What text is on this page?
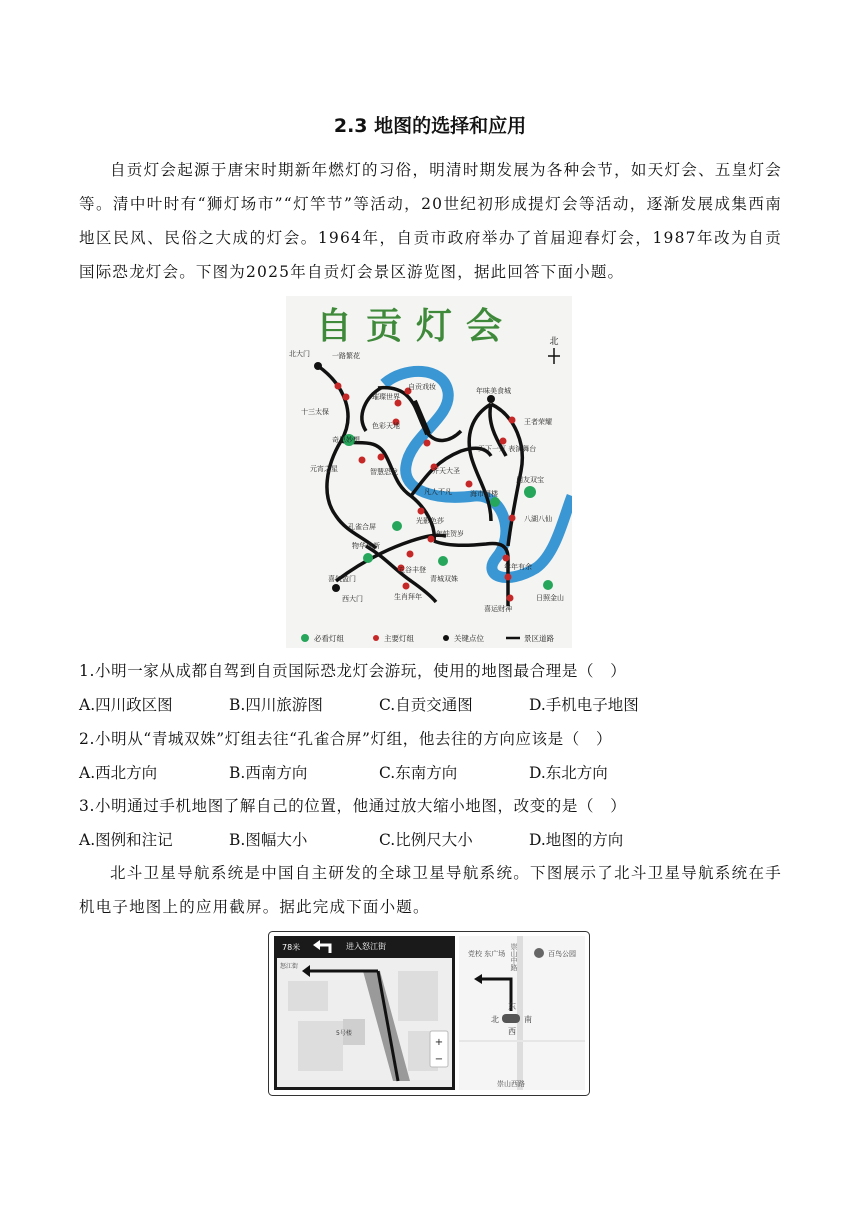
2.3 地图的选择和应用

自贡灯会起源于唐宋时期新年燃灯的习俗，明清时期发展为各种会节，如天灯会、五皇灯会等。清中叶时有“狮灯场市”“灯竿节”等活动，20世纪初形成提灯会等活动，逐渐发展成集西南地区民风、民俗之大成的灯会。1964年，自贡市政府举办了首届迎春灯会，1987年改为自贡国际恐龙灯会。下图为2025年自贡灯会景区游览图，据此回答下面小题。

自贡灯会	北
北大门	一路繁花
十三太保
自贡戏妆
璀璨世界
年味美食城
王者荣耀
奇思妙想
色彩天地
天下一灯 表演舞台
元宵之星	智慧恐龙	齐天大圣
朋友双宝
凡人不凡	海市蜃楼
孔雀合屏
光影色莎	八湖八仙
年蛙贺岁
物华你新
喜气盈门
五谷丰登
青城双姝
年年有余
西大门	生肖拜年
喜运财神
日照金山
必看灯组	主要灯组	关键点位	景区道路
1.小明一家从成都自驾到自贡国际恐龙灯会游玩，使用的地图最合理是（　）
A.四川政区图	B.四川旅游图	C.自贡交通图	D.手机电子地图
2.小明从“青城双姝”灯组去往“孔雀合屏”灯组，他去往的方向应该是（　）
A.西北方向	B.西南方向	C.东南方向	D.东北方向
3.小明通过手机地图了解自己的位置，他通过放大缩小地图，改变的是（　）
A.图例和注记	B.图幅大小	C.比例尺大小	D.地图的方向

北斗卫星导航系统是中国自主研发的全球卫星导航系统。下图展示了北斗卫星导航系统在手机电子地图上的应用截屏。据此完成下面小题。

78米	进入怒江街
怒江街
5号楼
+
−
党校 东广场	百鸟公园
崇山中路
东
北	南
西
崇山西路
